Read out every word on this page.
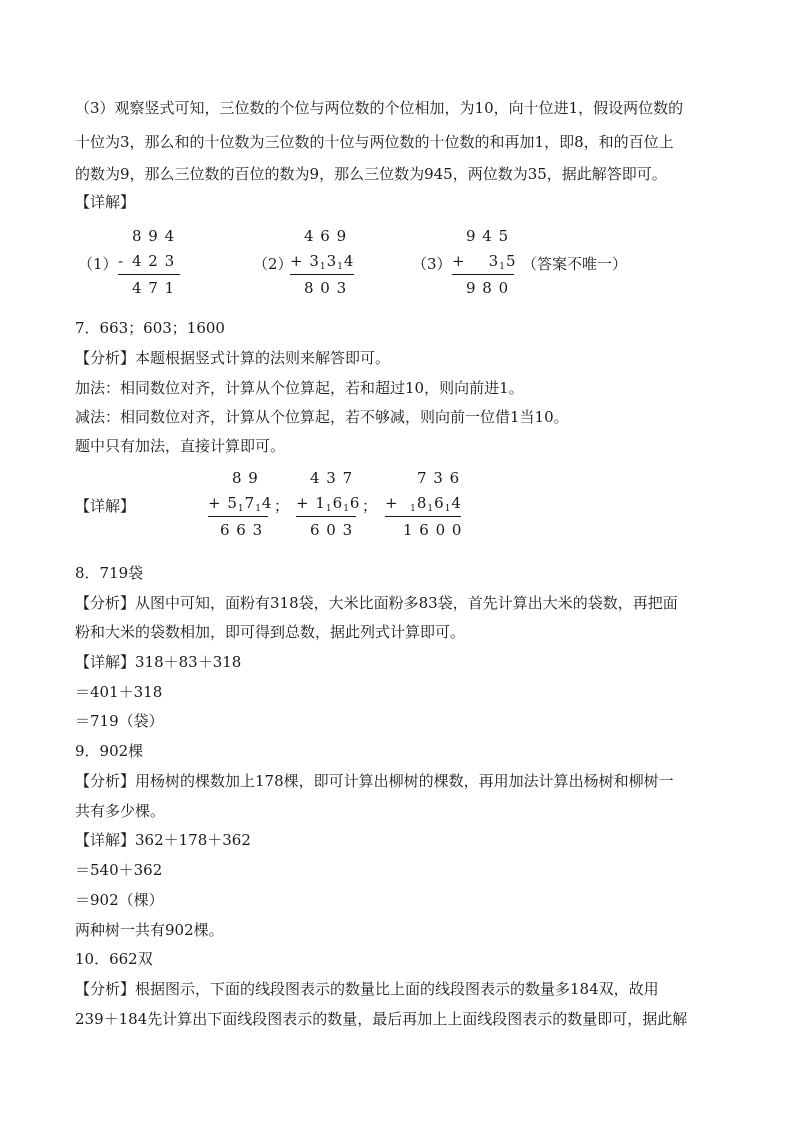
（3）观察竖式可知，三位数的个位与两位数的个位相加，为10，向十位进1，假设两位数的
十位为3，那么和的十位数为三位数的十位与两位数的十位数的和再加1，即8，和的百位上
的数为9，那么三位数的百位的数为9，那么三位数为945，两位数为35，据此解答即可。
【详解】
（1）
8 9 4
- 4 2 3
4 7 1
（2）
4 6 9
+ $3_13_14$
8 0 3
（3）
9 4 5
+ $3_15$
9 8 0
（答案不唯一）
7．663；603；1600
【分析】本题根据竖式计算的法则来解答即可。
加法：相同数位对齐，计算从个位算起，若和超过10，则向前进1。
减法：相同数位对齐，计算从个位算起，若不够减，则向前一位借1当10。
题中只有加法，直接计算即可。
【详解】
8 9
+ $5_17_14$
6 6 3
；
4 3 7
+ $1_16_16$
6 0 3
；
7 3 6
+ $_18_16_14$
1 6 0 0
8．719袋
【分析】从图中可知，面粉有318袋，大米比面粉多83袋，首先计算出大米的袋数，再把面
粉和大米的袋数相加，即可得到总数，据此列式计算即可。
【详解】318＋83＋318
＝401＋318
＝719（袋）
9．902棵
【分析】用杨树的棵数加上178棵，即可计算出柳树的棵数，再用加法计算出杨树和柳树一
共有多少棵。
【详解】362＋178＋362
＝540＋362
＝902（棵）
两种树一共有902棵。
10．662双
【分析】根据图示，下面的线段图表示的数量比上面的线段图表示的数量多184双，故用
239＋184先计算出下面线段图表示的数量，最后再加上上面线段图表示的数量即可，据此解
